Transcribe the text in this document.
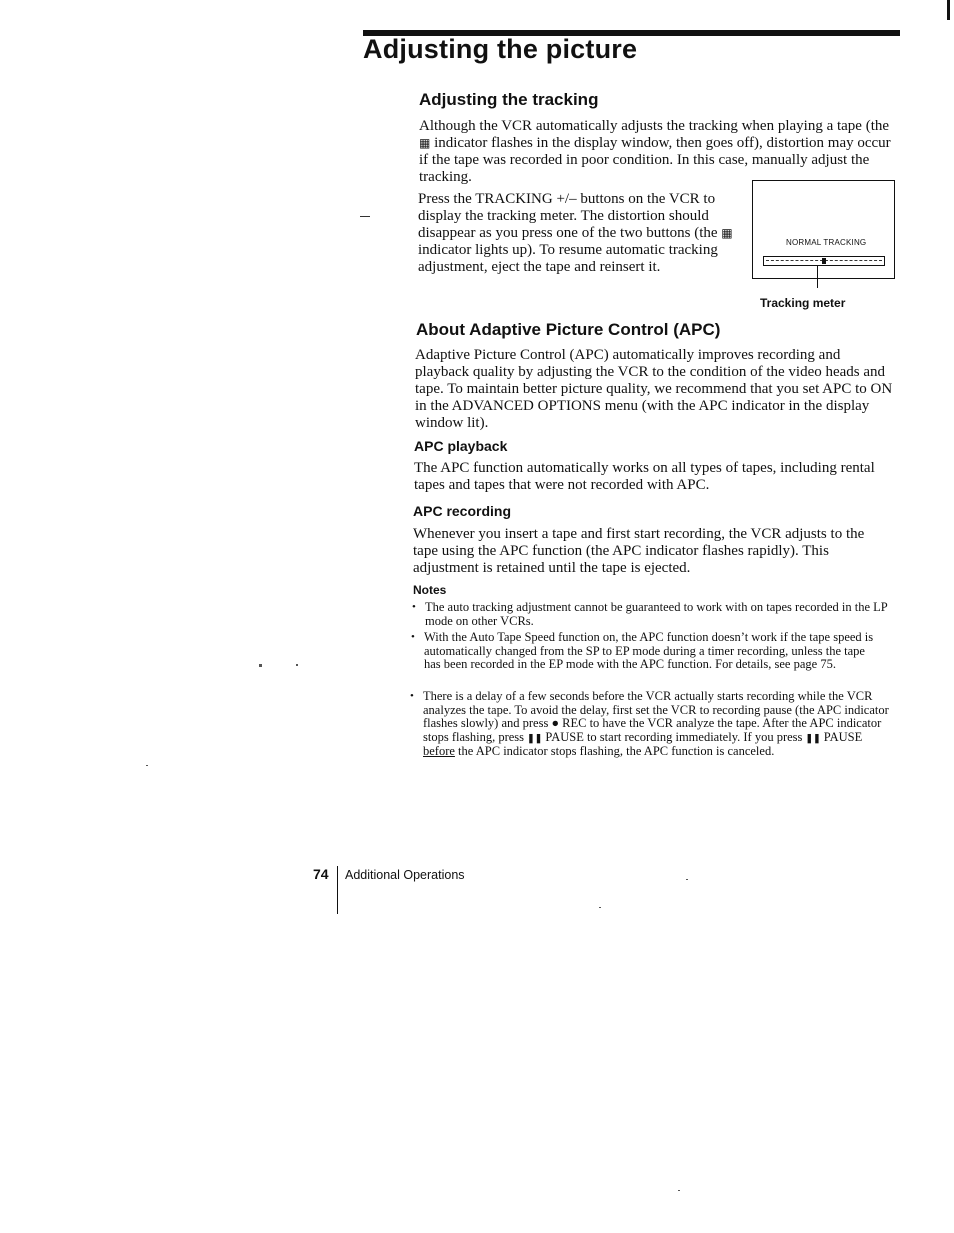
Adjusting the picture
Adjusting the tracking
Although the VCR automatically adjusts the tracking when playing a tape (the ▦ indicator flashes in the display window, then goes off), distortion may occur if the tape was recorded in poor condition. In this case, manually adjust the tracking.
Press the TRACKING +/– buttons on the VCR to display the tracking meter. The distortion should disappear as you press one of the two buttons (the ▦ indicator lights up). To resume automatic tracking adjustment, eject the tape and reinsert it.
NORMAL TRACKING
Tracking meter
About Adaptive Picture Control (APC)
Adaptive Picture Control (APC) automatically improves recording and playback quality by adjusting the VCR to the condition of the video heads and tape. To maintain better picture quality, we recommend that you set APC to ON in the ADVANCED OPTIONS menu (with the APC indicator in the display window lit).
APC playback
The APC function automatically works on all types of tapes, including rental tapes and tapes that were not recorded with APC.
APC recording
Whenever you insert a tape and first start recording, the VCR adjusts to the tape using the APC function (the APC indicator flashes rapidly). This adjustment is retained until the tape is ejected.
Notes
• The auto tracking adjustment cannot be guaranteed to work with on tapes recorded in the LP mode on other VCRs.
• With the Auto Tape Speed function on, the APC function doesn’t work if the tape speed is automatically changed from the SP to EP mode during a timer recording, unless the tape has been recorded in the EP mode with the APC function. For details, see page 75.
• There is a delay of a few seconds before the VCR actually starts recording while the VCR analyzes the tape. To avoid the delay, first set the VCR to recording pause (the APC indicator flashes slowly) and press ● REC to have the VCR analyze the tape. After the APC indicator stops flashing, press ❚❚ PAUSE to start recording immediately. If you press ❚❚ PAUSE before the APC indicator stops flashing, the APC function is canceled.
74 Additional Operations
